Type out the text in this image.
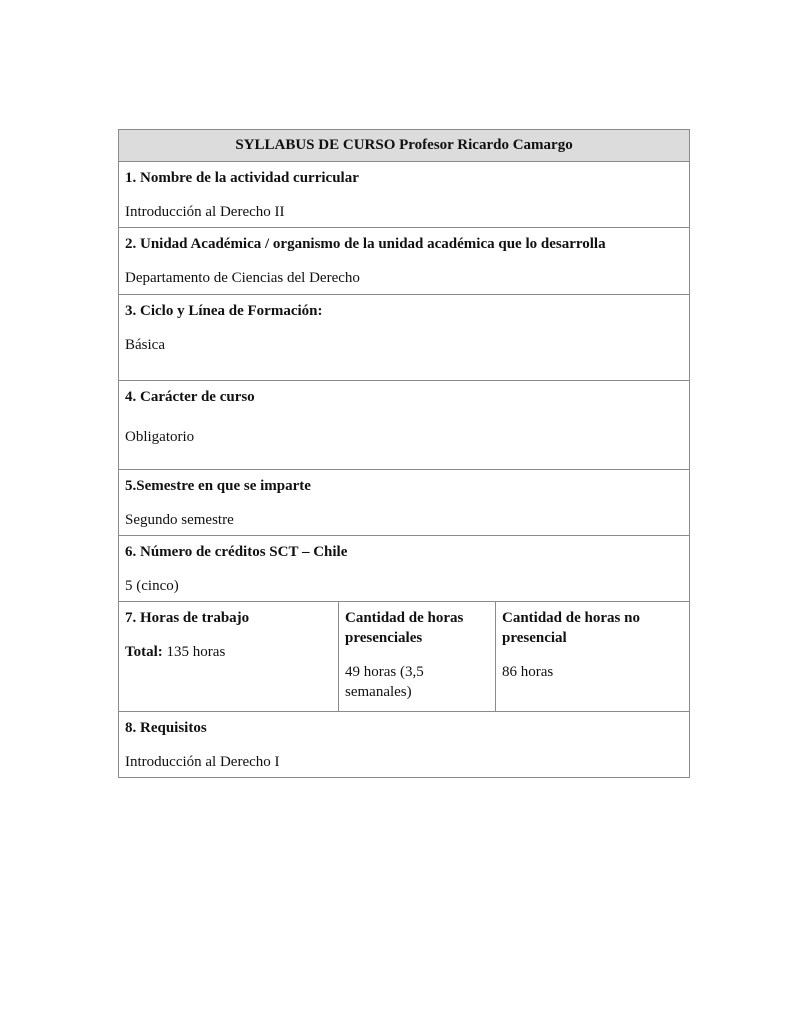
SYLLABUS DE CURSO Profesor Ricardo Camargo

1. Nombre de la actividad curricular
Introducción al Derecho II

2. Unidad Académica / organismo de la unidad académica que lo desarrolla
Departamento de Ciencias del Derecho

3. Ciclo y Línea de Formación:
Básica

4. Carácter de curso
Obligatorio

5.Semestre en que se imparte
Segundo semestre

6. Número de créditos SCT – Chile
5 (cinco)

7. Horas de trabajo
Total: 135 horas

Cantidad de horas presenciales
49 horas (3,5 semanales)

Cantidad de horas no presencial
86 horas

8. Requisitos
Introducción al Derecho I
